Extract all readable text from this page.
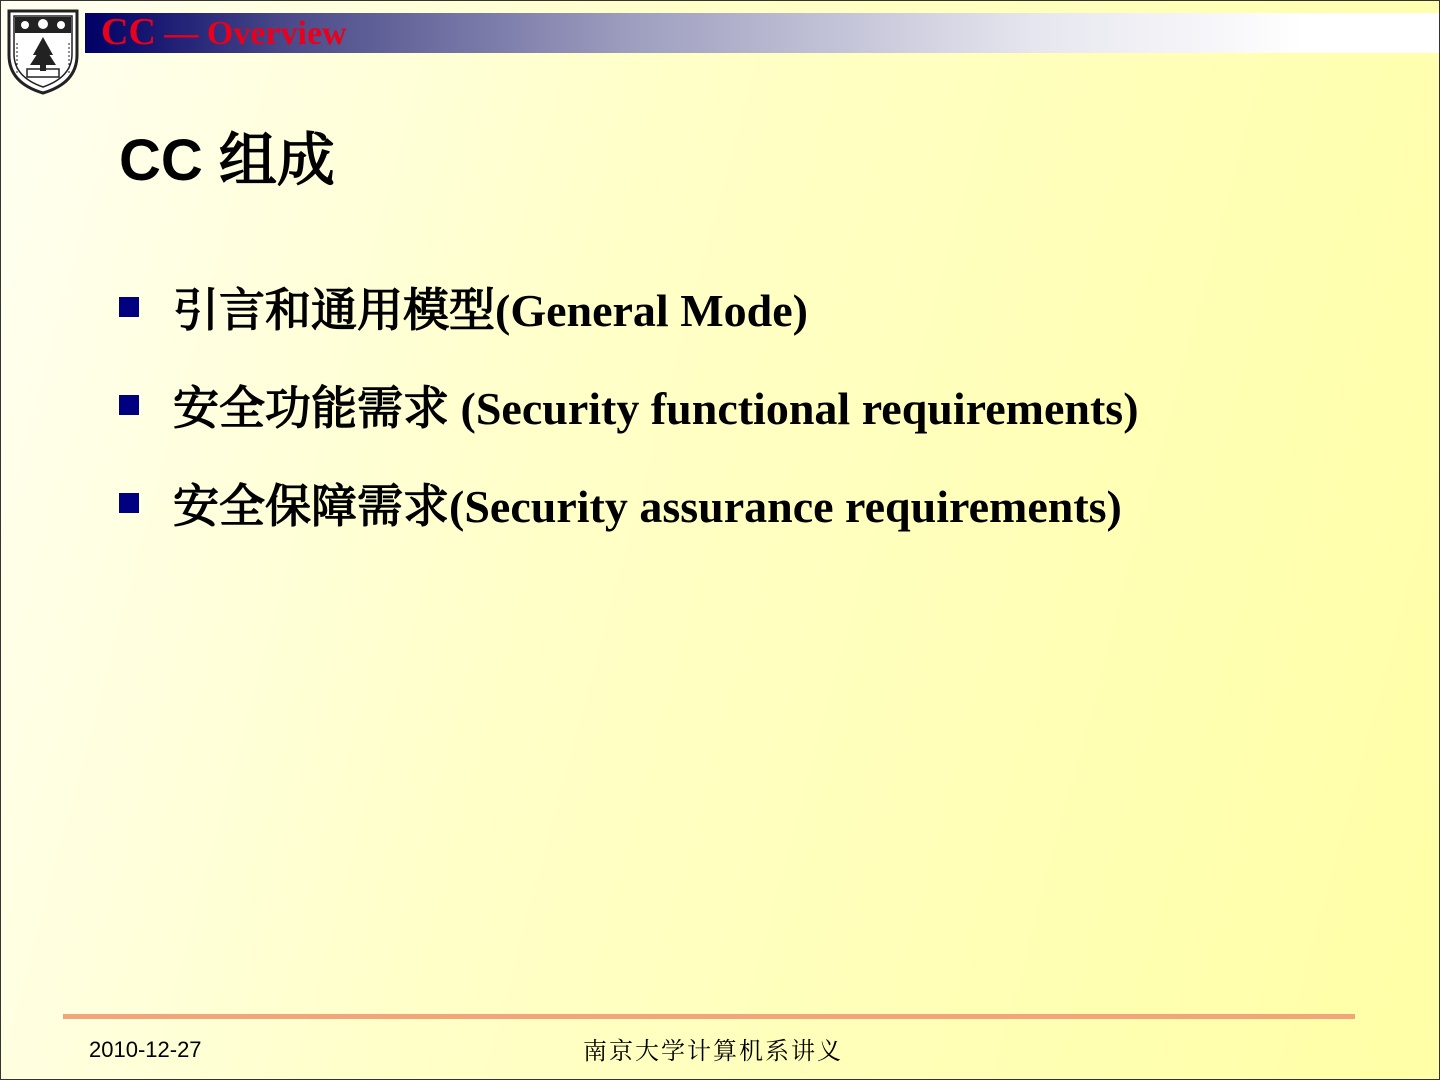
CC — Overview
CC 组成
引言和通用模型(General Mode)
安全功能需求 (Security functional requirements)
安全保障需求(Security assurance requirements)
2010-12-27	南京大学计算机系讲义
